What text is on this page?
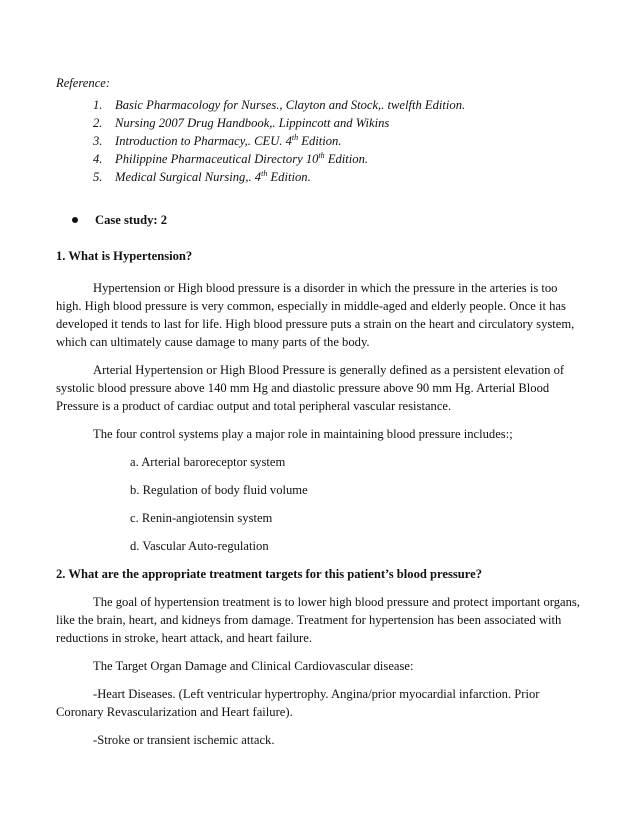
Reference:
1. Basic Pharmacology for Nurses., Clayton and Stock,. twelfth Edition.
2. Nursing 2007 Drug Handbook,. Lippincott and Wikins
3. Introduction to Pharmacy,. CEU. 4th Edition.
4. Philippine Pharmaceutical Directory 10th Edition.
5. Medical Surgical Nursing,. 4th Edition.
Case study: 2
1. What is Hypertension?

Hypertension or High blood pressure is a disorder in which the pressure in the arteries is too high. High blood pressure is very common, especially in middle-aged and elderly people. Once it has developed it tends to last for life. High blood pressure puts a strain on the heart and circulatory system, which can ultimately cause damage to many parts of the body.

Arterial Hypertension or High Blood Pressure is generally defined as a persistent elevation of systolic blood pressure above 140 mm Hg and diastolic pressure above 90 mm Hg. Arterial Blood Pressure is a product of cardiac output and total peripheral vascular resistance.

The four control systems play a major role in maintaining blood pressure includes:;

a. Arterial baroreceptor system
b. Regulation of body fluid volume
c. Renin-angiotensin system
d. Vascular Auto-regulation
2. What are the appropriate treatment targets for this patient’s blood pressure?

The goal of hypertension treatment is to lower high blood pressure and protect important organs, like the brain, heart, and kidneys from damage. Treatment for hypertension has been associated with reductions in stroke, heart attack, and heart failure.

The Target Organ Damage and Clinical Cardiovascular disease:

-Heart Diseases. (Left ventricular hypertrophy. Angina/prior myocardial infarction. Prior Coronary Revascularization and Heart failure).

-Stroke or transient ischemic attack.
